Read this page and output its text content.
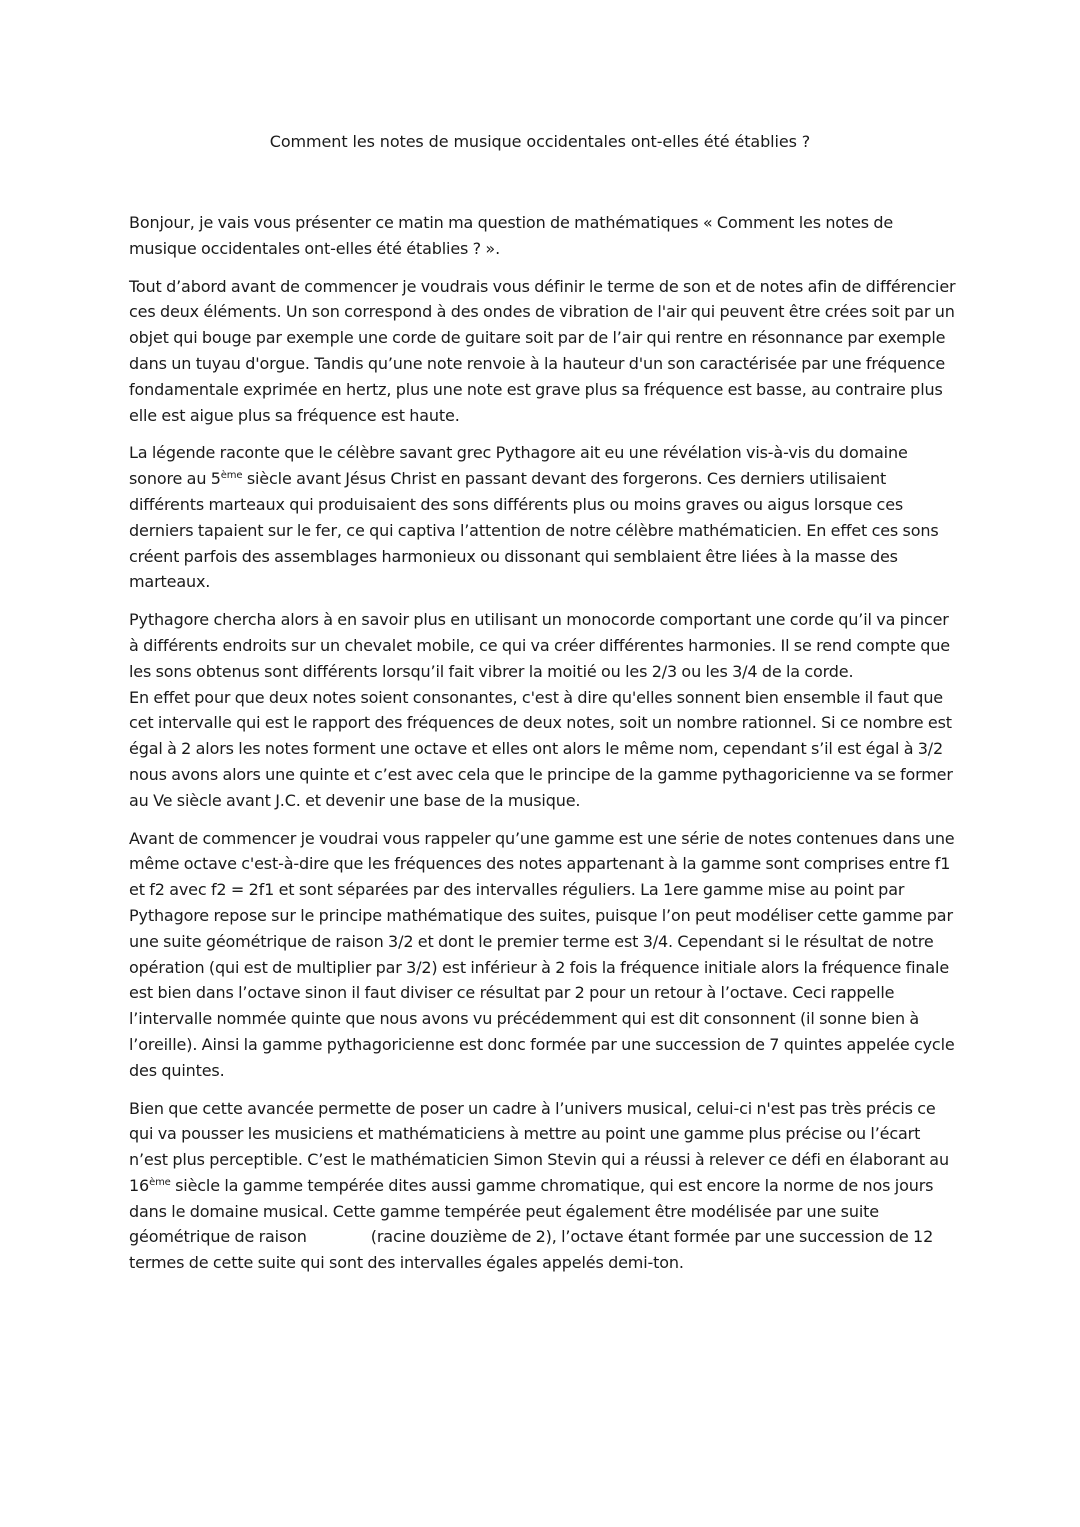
Comment les notes de musique occidentales ont-elles été établies ?

Bonjour, je vais vous présenter ce matin ma question de mathématiques « Comment les notes de musique occidentales ont-elles été établies ? ».

Tout d’abord avant de commencer je voudrais vous définir le terme de son et de notes afin de différencier ces deux éléments. Un son correspond à des ondes de vibration de l'air qui peuvent être crées soit par un objet qui bouge par exemple une corde de guitare soit par de l’air qui rentre en résonnance par exemple dans un tuyau d'orgue. Tandis qu’une note renvoie à la hauteur d'un son caractérisée par une fréquence fondamentale exprimée en hertz, plus une note est grave plus sa fréquence est basse, au contraire plus elle est aigue plus sa fréquence est haute.

La légende raconte que le célèbre savant grec Pythagore ait eu une révélation vis-à-vis du domaine sonore au 5ème siècle avant Jésus Christ en passant devant des forgerons. Ces derniers utilisaient différents marteaux qui produisaient des sons différents plus ou moins graves ou aigus lorsque ces derniers tapaient sur le fer, ce qui captiva l’attention de notre célèbre mathématicien. En effet ces sons créent parfois des assemblages harmonieux ou dissonant qui semblaient être liées à la masse des marteaux.

Pythagore chercha alors à en savoir plus en utilisant un monocorde comportant une corde qu’il va pincer à différents endroits sur un chevalet mobile, ce qui va créer différentes harmonies. Il se rend compte que les sons obtenus sont différents lorsqu’il fait vibrer la moitié ou les 2/3 ou les 3/4 de la corde.

En effet pour que deux notes soient consonantes, c'est à dire qu'elles sonnent bien ensemble il faut que cet intervalle qui est le rapport des fréquences de deux notes, soit un nombre rationnel. Si ce nombre est égal à 2 alors les notes forment une octave et elles ont alors le même nom, cependant s’il est égal à 3/2 nous avons alors une quinte et c’est avec cela que le principe de la gamme pythagoricienne va se former au Ve siècle avant J.C. et devenir une base de la musique.

Avant de commencer je voudrai vous rappeler qu’une gamme est une série de notes contenues dans une même octave c'est-à-dire que les fréquences des notes appartenant à la gamme sont comprises entre f1 et f2 avec f2 = 2f1 et sont séparées par des intervalles réguliers. La 1ere gamme mise au point par Pythagore repose sur le principe mathématique des suites, puisque l’on peut modéliser cette gamme par une suite géométrique de raison 3/2 et dont le premier terme est 3/4. Cependant si le résultat de notre opération (qui est de multiplier par 3/2) est inférieur à 2 fois la fréquence initiale alors la fréquence finale est bien dans l’octave sinon il faut diviser ce résultat par 2 pour un retour à l’octave. Ceci rappelle l’intervalle nommée quinte que nous avons vu précédemment qui est dit consonnent (il sonne bien à l’oreille). Ainsi la gamme pythagoricienne est donc formée par une succession de 7 quintes appelée cycle des quintes.

Bien que cette avancée permette de poser un cadre à l’univers musical, celui-ci n'est pas très précis ce qui va pousser les musiciens et mathématiciens à mettre au point une gamme plus précise ou l’écart n’est plus perceptible. C’est le mathématicien Simon Stevin qui a réussi à relever ce défi en élaborant au 16ème siècle la gamme tempérée dites aussi gamme chromatique, qui est encore la norme de nos jours dans le domaine musical. Cette gamme tempérée peut également être modélisée par une suite géométrique de raison	(racine douzième de 2), l’octave étant formée par une succession de 12 termes de cette suite qui sont des intervalles égales appelés demi-ton.
